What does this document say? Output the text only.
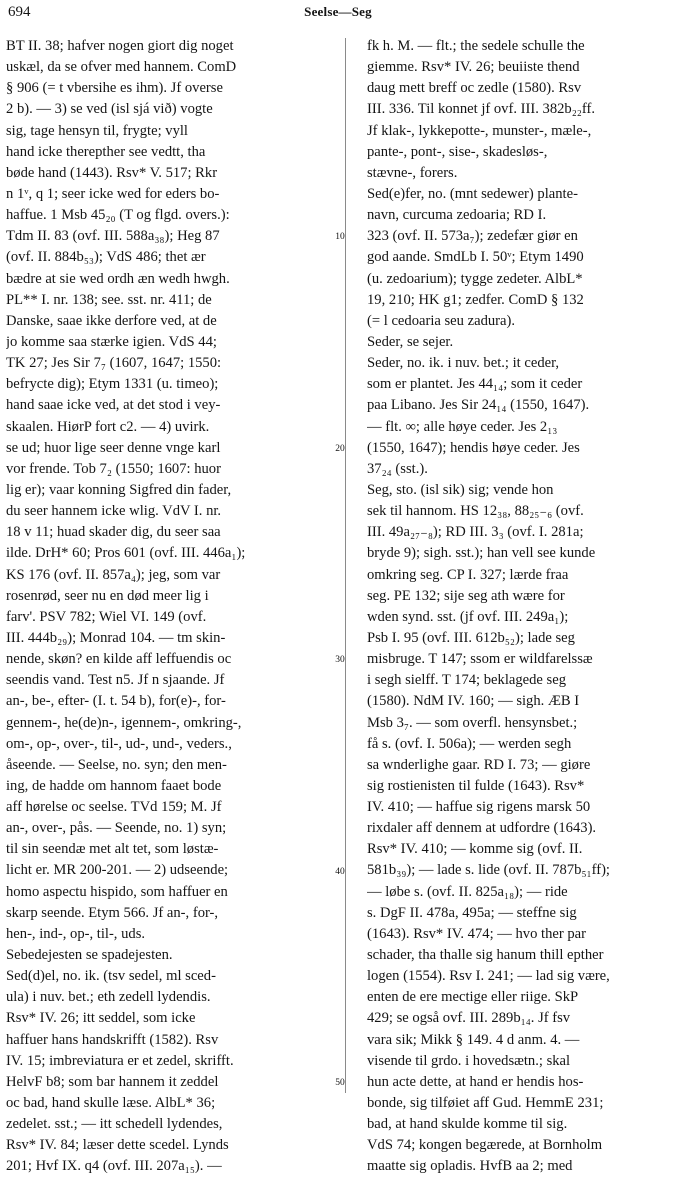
694	Seelse—Seg
BT II. 38; hafver nogen giort dig noget
uskæl, da se ofver med hannem. ComD
§ 906 (= t vbersihe es ihm). Jf overse
2 b). — 3) se ved (isl sjá við) vogte
sig, tage hensyn til, frygte; vyll
hand icke therepther see vedtt, tha
bøde hand (1443). Rsv* V. 517; Rkr
n 1ᵛ, q 1; seer icke wed for eders bo-
haffue. 1 Msb 45₂₀ (T og flgd. overs.):
Tdm II. 83 (ovf. III. 588a₃₈); Heg 87
(ovf. II. 884b₅₃); VdS 486; thet ær
bædre at sie wed ordh æn wedh hwgh.
PL** I. nr. 138; see. sst. nr. 411; de
Danske, saae ikke derfore ved, at de
jo komme saa stærke igien. VdS 44;
TK 27; Jes Sir 7₇ (1607, 1647; 1550:
befrycte dig); Etym 1331 (u. timeo);
hand saae icke ved, at det stod i vey-
skaalen. HiørP fort c2. — 4) uvirk.
se ud; huor lige seer denne vnge karl
vor frende. Tob 7₂ (1550; 1607: huor
lig er); vaar konning Sigfred din fader,
du seer hannem icke wlig. VdV I. nr.
18 v 11; huad skader dig, du seer saa
ilde. DrH* 60; Pros 601 (ovf. III. 446a₁);
KS 176 (ovf. II. 857a₄); jeg, som var
rosenrød, seer nu en død meer lig i
farv'. PSV 782; Wiel VI. 149 (ovf.
III. 444b₂₉); Monrad 104. — tm skin-
nende, skøn? en kilde aff leffuendis oc
seendis vand. Test n5. Jf n sjaande. Jf
an-, be-, efter- (I. t. 54 b), for(e)-, for-
gennem-, he(de)n-, igennem-, omkring-,
om-, op-, over-, til-, ud-, und-, veders.,
åseende. — Seelse, no. syn; den men-
ing, de hadde om hannom faaet bode
aff hørelse oc seelse. TVd 159; M. Jf
an-, over-, pås. — Seende, no. 1) syn;
til sin seendæ met alt tet, som løstæ-
licht er. MR 200-201. — 2) udseende;
homo aspectu hispido, som haffuer en
skarp seende. Etym 566. Jf an-, for-,
hen-, ind-, op-, til-, uds.
Sebedejesten se spadejesten.
Sed(d)el, no. ik. (tsv sedel, ml sced-
ula) i nuv. bet.; eth zedell lydendis.
Rsv* IV. 26; itt seddel, som icke
haffuer hans handskrifft (1582). Rsv
IV. 15; imbreviatura er et zedel, skrifft.
HelvF b8; som bar hannem it zeddel
oc bad, hand skulle læse. AlbL* 36;
zedelet. sst.; — itt schedell lydendes,
Rsv* IV. 84; læser dette scedel. Lynds
201; Hvf IX. q4 (ovf. III. 207a₁₅). —
10
20
30
40
50
fk h. M. — flt.; the sedele schulle the
giemme. Rsv* IV. 26; beuiiste thend
daug mett breff oc zedle (1580). Rsv
III. 336. Til konnet jf ovf. III. 382b₂₂ff.
Jf klak-, lykkepotte-, munster-, mæle-,
pante-, pont-, sise-, skadesløs-,
stævne-, forers.
Sed(e)fer, no. (mnt sedewer) plante-
navn, curcuma zedoaria; RD I.
323 (ovf. II. 573a₇); zedefær giør en
god aande. SmdLb I. 50ᵛ; Etym 1490
(u. zedoarium); tygge zedeter. AlbL*
19, 210; HK g1; zedfer. ComD § 132
(= l cedoaria seu zadura).
Seder, se sejer.
Seder, no. ik. i nuv. bet.; it ceder,
som er plantet. Jes 44₁₄; som it ceder
paa Libano. Jes Sir 24₁₄ (1550, 1647).
— flt. ∞; alle høye ceder. Jes 2₁₃
(1550, 1647); hendis høye ceder. Jes
37₂₄ (sst.).
Seg, sto. (isl sik) sig; vende hon
sek til hannom. HS 12₃₈, 88₂₅₋₆ (ovf.
III. 49a₂₇₋₈); RD III. 3₃ (ovf. I. 281a;
bryde 9); sigh. sst.); han vell see kunde
omkring seg. CP I. 327; lærde fraa
seg. PE 132; sije seg ath wære for
wden synd. sst. (jf ovf. III. 249a₁);
Psb I. 95 (ovf. III. 612b₅₂); lade seg
misbruge. T 147; ssom er wildfarelssæ
i segh sielff. T 174; beklagede seg
(1580). NdM IV. 160; — sigh. ÆB I
Msb 3₇. — som overfl. hensynsbet.;
få s. (ovf. I. 506a); — werden segh
sa wnderlighe gaar. RD I. 73; — giøre
sig rostienisten til fulde (1643). Rsv*
IV. 410; — haffue sig rigens marsk 50
rixdaler aff dennem at udfordre (1643).
Rsv* IV. 410; — komme sig (ovf. II.
581b₃₉); — lade s. lide (ovf. II. 787b₅₁ff);
— løbe s. (ovf. II. 825a₁₈); — ride
s. DgF II. 478a, 495a; — steffne sig
(1643). Rsv* IV. 474; — hvo ther par
schader, tha thalle sig hanum thill epther
logen (1554). Rsv I. 241; — lad sig være,
enten de ere mectige eller riige. SkP
429; se også ovf. III. 289b₁₄. Jf fsv
vara sik; Mikk § 149. 4 d anm. 4. —
visende til grdo. i hovedsætn.; skal
hun acte dette, at hand er hendis hos-
bonde, sig tilføiet aff Gud. HemmE 231;
bad, at hand skulde komme til sig.
VdS 74; kongen begærede, at Bornholm
maatte sig opladis. HvfB aa 2; med
